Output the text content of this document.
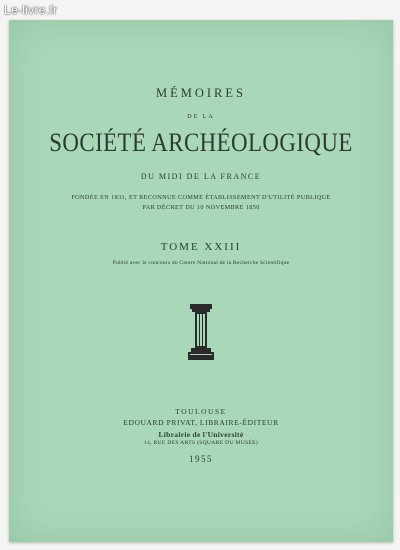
MÉMOIRES

DE LA

SOCIÉTÉ ARCHÉOLOGIQUE

DU MIDI DE LA FRANCE

FONDÉE EN 1831, ET RECONNUE COMME ÉTABLISSEMENT D'UTILITÉ PUBLIQUE

PAR DÉCRET DU 10 NOVEMBRE 1850

TOME XXIII

Publié avec le concours du Centre National de la Recherche Scientifique

TOULOUSE

EDOUARD PRIVAT, LIBRAIRE-ÉDITEUR

Librairie de l'Université

14, RUE DES ARTS (SQUARE DU MUSÉE)

1955

Le-livre.fr
